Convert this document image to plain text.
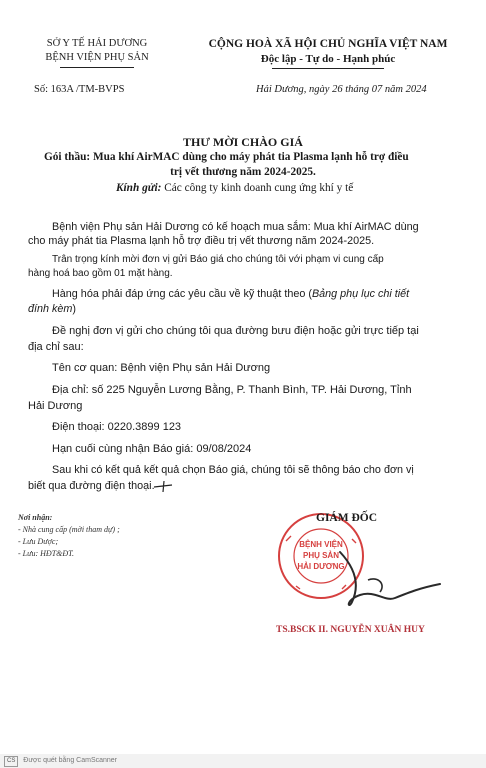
SỞ Y TẾ HẢI DƯƠNG
BỆNH VIỆN PHỤ SẢN
CỘNG HOÀ XÃ HỘI CHỦ NGHĨA VIỆT NAM
Độc lập - Tự do - Hạnh phúc
Số: 163A /TM-BVPS	Hải Dương, ngày 26 tháng 07 năm 2024
THƯ MỜI CHÀO GIÁ
Gói thầu: Mua khí AirMAC dùng cho máy phát tia Plasma lạnh hỗ trợ điều
trị vết thương năm 2024-2025.
Kính gửi: Các công ty kinh doanh cung ứng khí y tế
Bệnh viện Phụ sản Hải Dương có kế hoạch mua sắm: Mua khí AirMAC dùng
cho máy phát tia Plasma lạnh hỗ trợ điều trị vết thương năm 2024-2025.
Trân trọng kính mời đơn vị gửi Báo giá cho chúng tôi với phạm vi cung cấp
hàng hoá bao gồm 01 mặt hàng.
Hàng hóa phải đáp ứng các yêu cầu về kỹ thuật theo (Bảng phụ lục chi tiết
đính kèm)
Đề nghị đơn vị gửi cho chúng tôi qua đường bưu điện hoặc gửi trực tiếp tại
địa chỉ sau:
Tên cơ quan: Bệnh viện Phụ sản Hải Dương
Địa chỉ: số 225 Nguyễn Lương Bằng, P. Thanh Bình, TP. Hải Dương, Tỉnh
Hải Dương
Điện thoại: 0220.3899 123
Hạn cuối cùng nhận Báo giá: 09/08/2024
Sau khi có kết quả kết quả chọn Báo giá, chúng tôi sẽ thông báo cho đơn vị
biết qua đường điện thoại.
Nơi nhận:
- Nhà cung cấp (mời tham dự) ;
- Lưu Dược;
- Lưu: HĐT&ĐT.
BỆNH VIỆN
PHỤ SẢN
HẢI DƯƠNG
GIÁM ĐỐC
TS.BSCK II. NGUYỄN XUÂN HUY
CS Được quét bằng CamScanner
